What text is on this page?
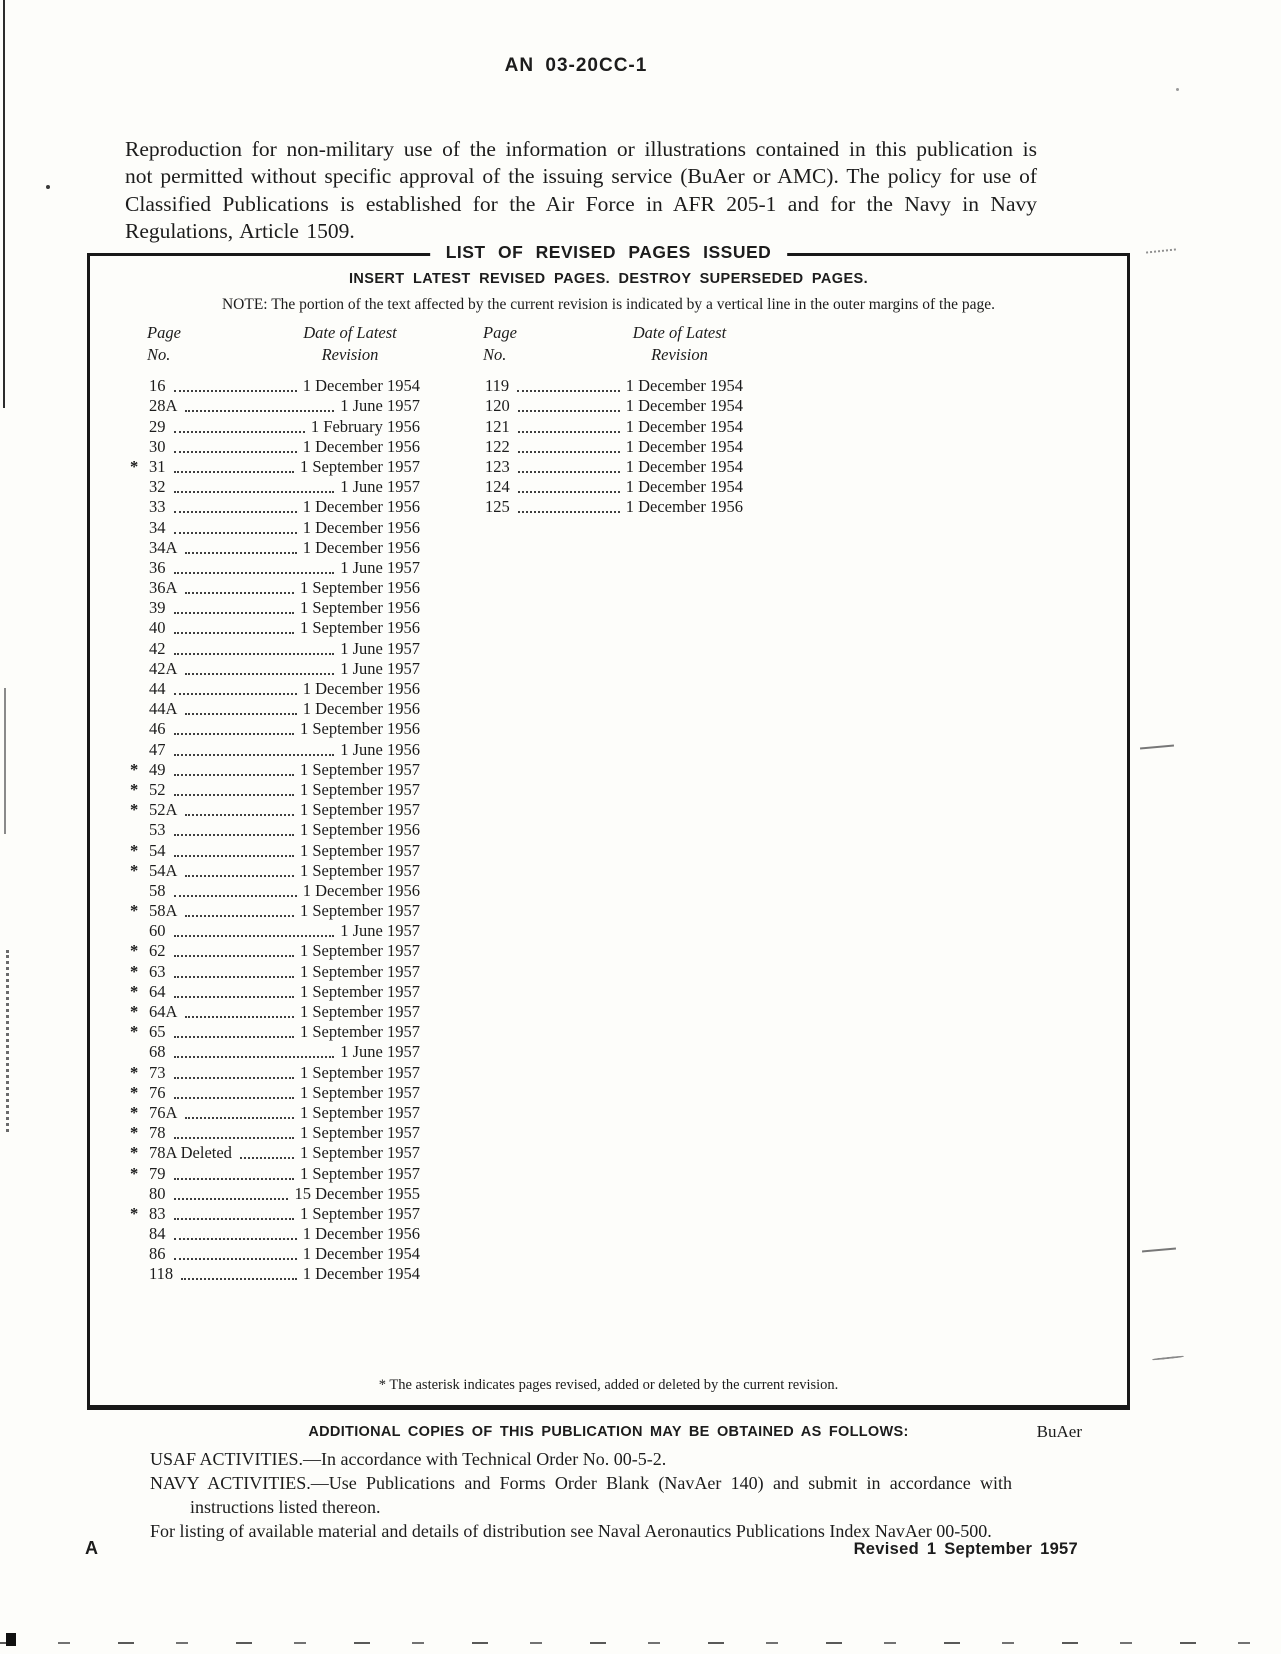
AN 03-20CC-1

Reproduction for non-military use of the information or illustrations contained in this publication is not permitted without specific approval of the issuing service (BuAer or AMC). The policy for use of Classified Publications is established for the Air Force in AFR 205-1 and for the Navy in Navy Regulations, Article 1509.

LIST OF REVISED PAGES ISSUED
INSERT LATEST REVISED PAGES. DESTROY SUPERSEDED PAGES.
NOTE: The portion of the text affected by the current revision is indicated by a vertical line in the outer margins of the page.
Page
No.
Date of Latest
Revision
16	1 December 1954
28A	1 June 1957
29	1 February 1956
30	1 December 1956
* 31	1 September 1957
32	1 June 1957
33	1 December 1956
34	1 December 1956
34A	1 December 1956
36	1 June 1957
36A	1 September 1956
39	1 September 1956
40	1 September 1956
42	1 June 1957
42A	1 June 1957
44	1 December 1956
44A	1 December 1956
46	1 September 1956
47	1 June 1956
* 49	1 September 1957
* 52	1 September 1957
* 52A	1 September 1957
53	1 September 1956
* 54	1 September 1957
* 54A	1 September 1957
58	1 December 1956
* 58A	1 September 1957
60	1 June 1957
* 62	1 September 1957
* 63	1 September 1957
* 64	1 September 1957
* 64A	1 September 1957
* 65	1 September 1957
68	1 June 1957
* 73	1 September 1957
* 76	1 September 1957
* 76A	1 September 1957
* 78	1 September 1957
* 78A Deleted	1 September 1957
* 79	1 September 1957
80	15 December 1955
* 83	1 September 1957
84	1 December 1956
86	1 December 1954
118	1 December 1954
Page
No.
Date of Latest
Revision
119	1 December 1954
120	1 December 1954
121	1 December 1954
122	1 December 1954
123	1 December 1954
124	1 December 1954
125	1 December 1956
* The asterisk indicates pages revised, added or deleted by the current revision.
ADDITIONAL COPIES OF THIS PUBLICATION MAY BE OBTAINED AS FOLLOWS:	BuAer
USAF ACTIVITIES.—In accordance with Technical Order No. 00-5-2.
NAVY ACTIVITIES.—Use Publications and Forms Order Blank (NavAer 140) and submit in accordance with
instructions listed thereon.
For listing of available material and details of distribution see Naval Aeronautics Publications Index NavAer 00-500.
A	Revised 1 September 1957
